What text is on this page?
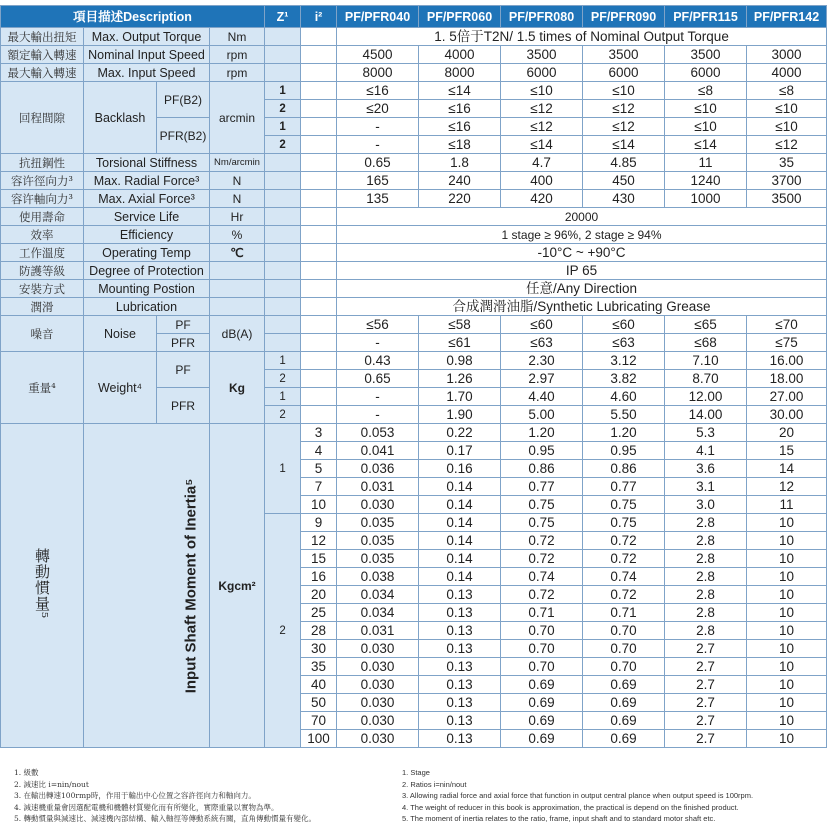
項目描述Description				Z¹	i²	PF/PFR040	PF/PFR060	PF/PFR080	PF/PFR090	PF/PFR115	PF/PFR142
最大輸出扭矩	Max. Output Torque		Nm			1. 5倍于T2N/ 1.5 times of Nominal Output Torque					
額定輸入轉速	Nominal Input Speed		rpm			4500	4000	3500	3500	3500	3000
最大輸入轉速	Max. Input Speed		rpm			8000	8000	6000	6000	6000	4000
回程間隙	Backlash	PF(B2)	arcmin	1		≤16	≤14	≤10	≤10	≤8	≤8
				2		≤20	≤16	≤12	≤12	≤10	≤10
		PFR(B2)		1		-	≤16	≤12	≤12	≤10	≤10
				2		-	≤18	≤14	≤14	≤14	≤12
抗扭鋼性	Torsional Stiffness		Nm/arcmin			0.65	1.8	4.7	4.85	11	35
容许徑向力³	Max. Radial Force³		N			165	240	400	450	1240	3700
容许軸向力³	Max. Axial Force³		N			135	220	420	430	1000	3500
使用壽命	Service Life		Hr			20000					
效率	Efficiency		%			1 stage ≥ 96%, 2 stage ≥ 94%					
工作溫度	Operating Temp		℃			-10°C ~ +90°C					
防護等級	Degree of Protection					IP 65					
安裝方式	Mounting Postion					任意/Any Direction					
潤滑	Lubrication					合成潤滑油脂/Synthetic Lubricating Grease					
噪音	Noise	PF	dB(A)			≤56	≤58	≤60	≤60	≤65	≤70
		PFR				-	≤61	≤63	≤63	≤68	≤75
重量⁴	Weight⁴	PF	Kg	1		0.43	0.98	2.30	3.12	7.10	16.00
				2		0.65	1.26	2.97	3.82	8.70	18.00
		PFR		1		-	1.70	4.40	4.60	12.00	27.00
				2		-	1.90	5.00	5.50	14.00	30.00
轉動慣量⁵	Input Shaft Moment of Inertia⁵		Kgcm²	1	3	0.053	0.22	1.20	1.20	5.3	20
					4	0.041	0.17	0.95	0.95	4.1	15
					5	0.036	0.16	0.86	0.86	3.6	14
					7	0.031	0.14	0.77	0.77	3.1	12
					10	0.030	0.14	0.75	0.75	3.0	11
				2	9	0.035	0.14	0.75	0.75	2.8	10
					12	0.035	0.14	0.72	0.72	2.8	10
					15	0.035	0.14	0.72	0.72	2.8	10
					16	0.038	0.14	0.74	0.74	2.8	10
					20	0.034	0.13	0.72	0.72	2.8	10
					25	0.034	0.13	0.71	0.71	2.8	10
					28	0.031	0.13	0.70	0.70	2.8	10
					30	0.030	0.13	0.70	0.70	2.7	10
					35	0.030	0.13	0.70	0.70	2.7	10
					40	0.030	0.13	0.69	0.69	2.7	10
					50	0.030	0.13	0.69	0.69	2.7	10
					70	0.030	0.13	0.69	0.69	2.7	10
					100	0.030	0.13	0.69	0.69	2.7	10
1. 級數
2. 減速比 i=nin/nout
3. 在輸出轉速100rmp時，作用于輸出中心位置之容許徑向力和軸向力。
4. 減速機重量會因選配電機和機體材質變化而有所變化，實際重量以實物為準。
5. 轉動慣量與減速比、減速機內部結構、輸入軸徑等傳動系統有關，直角傳動慣量有變化。
1. Stage
2. Ratios i=nin/nout
3. Allowing radial force and axial force that function in output central plance when output speed is 100rpm.
4. The weight of reducer in this book is approximation, the practical is depend on the finished product.
5. The moment of inertia relates to the ratio, frame, input shaft and to standard motor shaft etc.
